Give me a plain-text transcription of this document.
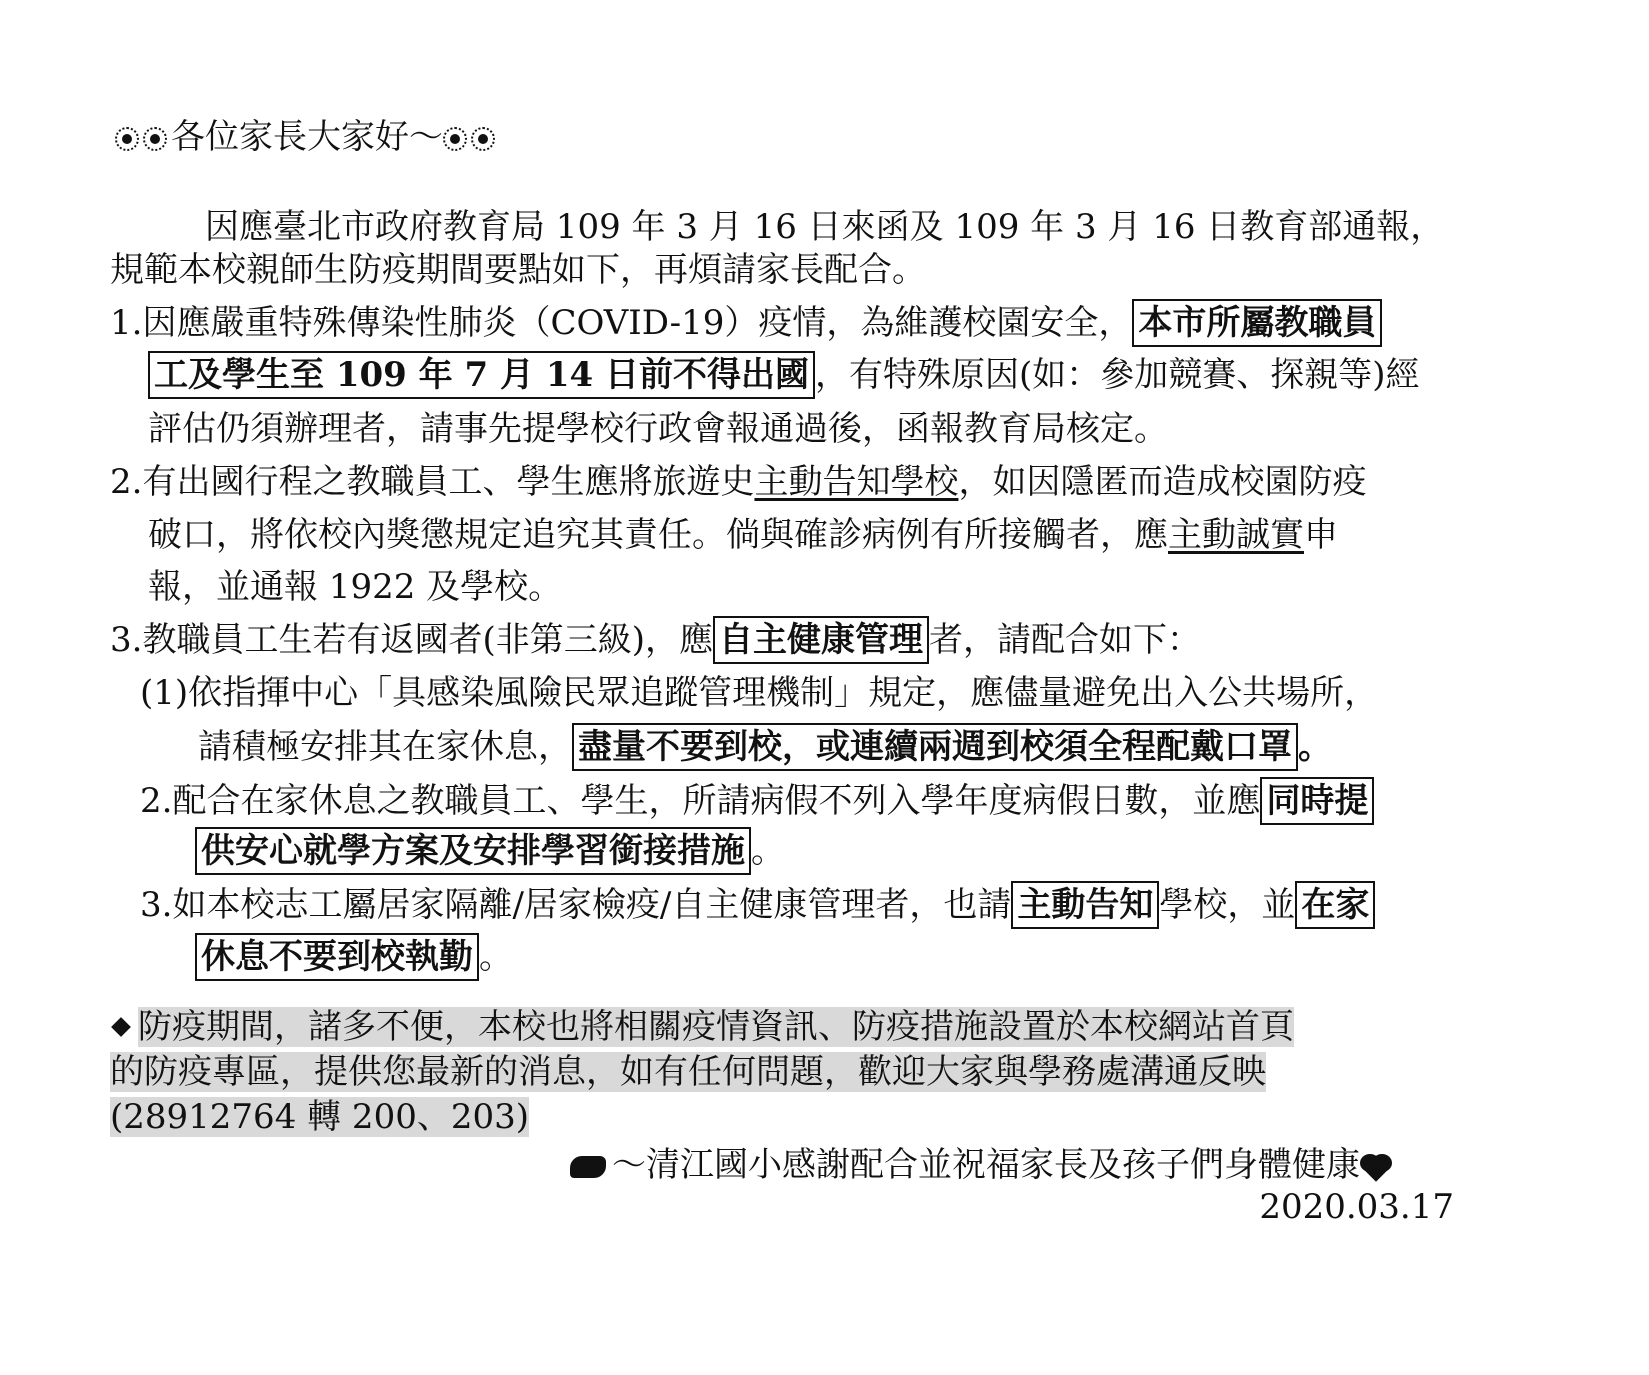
各位家長大家好～
因應臺北市政府教育局 109 年 3 月 16 日來函及 109 年 3 月 16 日教育部通報，
規範本校親師生防疫期間要點如下，再煩請家長配合。
1.因應嚴重特殊傳染性肺炎（COVID-19）疫情，為維護校園安全， 本市所屬教職員
工及學生至 109 年 7 月 14 日前不得出國 ，有特殊原因(如：參加競賽、探親等)經
評估仍須辦理者，請事先提學校行政會報通過後，函報教育局核定。
2.有出國行程之教職員工、學生應將旅遊史主動告知學校，如因隱匿而造成校園防疫
破口，將依校內獎懲規定追究其責任。倘與確診病例有所接觸者，應主動誠實申
報，並通報 1922 及學校。
3.教職員工生若有返國者(非第三級)，應 自主健康管理 者，請配合如下：
(1)依指揮中心「具感染風險民眾追蹤管理機制」規定，應儘量避免出入公共場所，
請積極安排其在家休息， 盡量不要到校，或連續兩週到校須全程配戴口罩 。
2.配合在家休息之教職員工、學生，所請病假不列入學年度病假日數，並應 同時提
供安心就學方案及安排學習銜接措施 。
3.如本校志工屬居家隔離/居家檢疫/自主健康管理者，也請 主動告知 學校，並 在家
休息不要到校執勤 。
防疫期間，諸多不便，本校也將相關疫情資訊、防疫措施設置於本校網站首頁
的防疫專區，提供您最新的消息，如有任何問題，歡迎大家與學務處溝通反映
(28912764 轉 200、203)
～清江國小感謝配合並祝福家長及孩子們身體健康
2020.03.17
